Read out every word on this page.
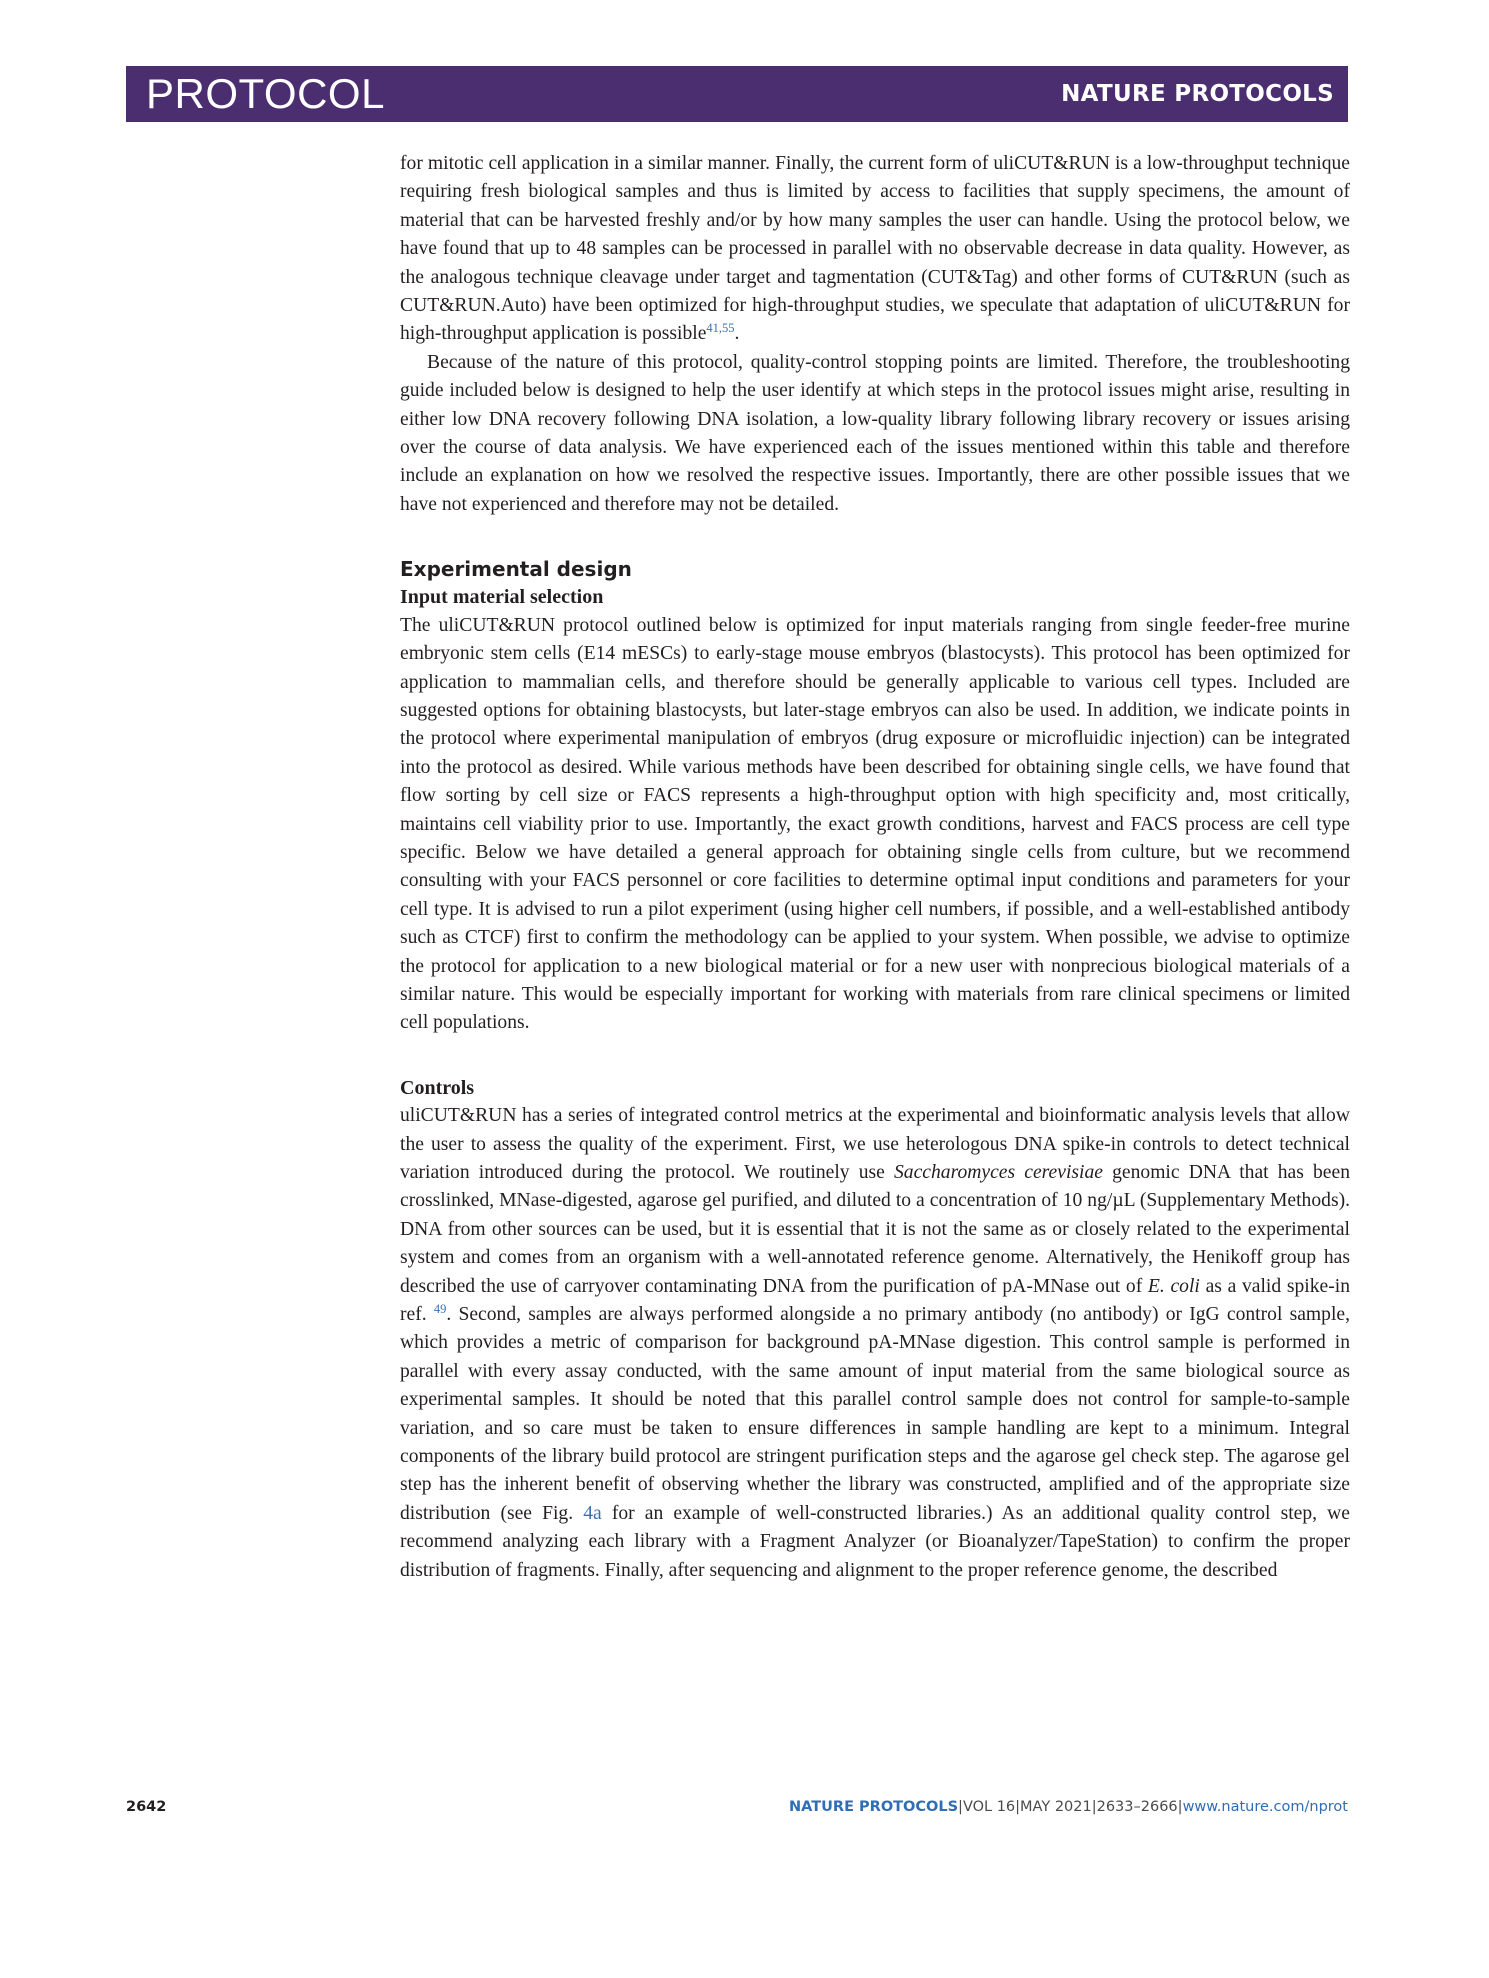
PROTOCOL	NATURE PROTOCOLS

for mitotic cell application in a similar manner. Finally, the current form of uliCUT&RUN is a low-throughput technique requiring fresh biological samples and thus is limited by access to facilities that supply specimens, the amount of material that can be harvested freshly and/or by how many samples the user can handle. Using the protocol below, we have found that up to 48 samples can be processed in parallel with no observable decrease in data quality. However, as the analogous technique cleavage under target and tagmentation (CUT&Tag) and other forms of CUT&RUN (such as CUT&RUN.Auto) have been optimized for high-throughput studies, we speculate that adaptation of uliCUT&RUN for high-throughput application is possible$^{41,55}$.

Because of the nature of this protocol, quality-control stopping points are limited. Therefore, the troubleshooting guide included below is designed to help the user identify at which steps in the protocol issues might arise, resulting in either low DNA recovery following DNA isolation, a low-quality library following library recovery or issues arising over the course of data analysis. We have experienced each of the issues mentioned within this table and therefore include an explanation on how we resolved the respective issues. Importantly, there are other possible issues that we have not experienced and therefore may not be detailed.

Experimental design
Input material selection

The uliCUT&RUN protocol outlined below is optimized for input materials ranging from single feeder-free murine embryonic stem cells (E14 mESCs) to early-stage mouse embryos (blastocysts). This protocol has been optimized for application to mammalian cells, and therefore should be generally applicable to various cell types. Included are suggested options for obtaining blastocysts, but later-stage embryos can also be used. In addition, we indicate points in the protocol where experimental manipulation of embryos (drug exposure or microfluidic injection) can be integrated into the protocol as desired. While various methods have been described for obtaining single cells, we have found that flow sorting by cell size or FACS represents a high-throughput option with high specificity and, most critically, maintains cell viability prior to use. Importantly, the exact growth conditions, harvest and FACS process are cell type specific. Below we have detailed a general approach for obtaining single cells from culture, but we recommend consulting with your FACS personnel or core facilities to determine optimal input conditions and parameters for your cell type. It is advised to run a pilot experiment (using higher cell numbers, if possible, and a well-established antibody such as CTCF) first to confirm the methodology can be applied to your system. When possible, we advise to optimize the protocol for application to a new biological material or for a new user with nonprecious biological materials of a similar nature. This would be especially important for working with materials from rare clinical specimens or limited cell populations.

Controls

uliCUT&RUN has a series of integrated control metrics at the experimental and bioinformatic analysis levels that allow the user to assess the quality of the experiment. First, we use heterologous DNA spike-in controls to detect technical variation introduced during the protocol. We routinely use Saccharomyces cerevisiae genomic DNA that has been crosslinked, MNase-digested, agarose gel purified, and diluted to a concentration of 10 ng/µL (Supplementary Methods). DNA from other sources can be used, but it is essential that it is not the same as or closely related to the experimental system and comes from an organism with a well-annotated reference genome. Alternatively, the Henikoff group has described the use of carryover contaminating DNA from the purification of pA-MNase out of E. coli as a valid spike-in ref. $^{49}$. Second, samples are always performed alongside a no primary antibody (no antibody) or IgG control sample, which provides a metric of comparison for background pA-MNase digestion. This control sample is performed in parallel with every assay conducted, with the same amount of input material from the same biological source as experimental samples. It should be noted that this parallel control sample does not control for sample-to-sample variation, and so care must be taken to ensure differences in sample handling are kept to a minimum. Integral components of the library build protocol are stringent purification steps and the agarose gel check step. The agarose gel step has the inherent benefit of observing whether the library was constructed, amplified and of the appropriate size distribution (see Fig. 4a for an example of well-constructed libraries.) As an additional quality control step, we recommend analyzing each library with a Fragment Analyzer (or Bioanalyzer/TapeStation) to confirm the proper distribution of fragments. Finally, after sequencing and alignment to the proper reference genome, the described

2642	NATURE PROTOCOLS|VOL 16|MAY 2021|2633–2666|www.nature.com/nprot
